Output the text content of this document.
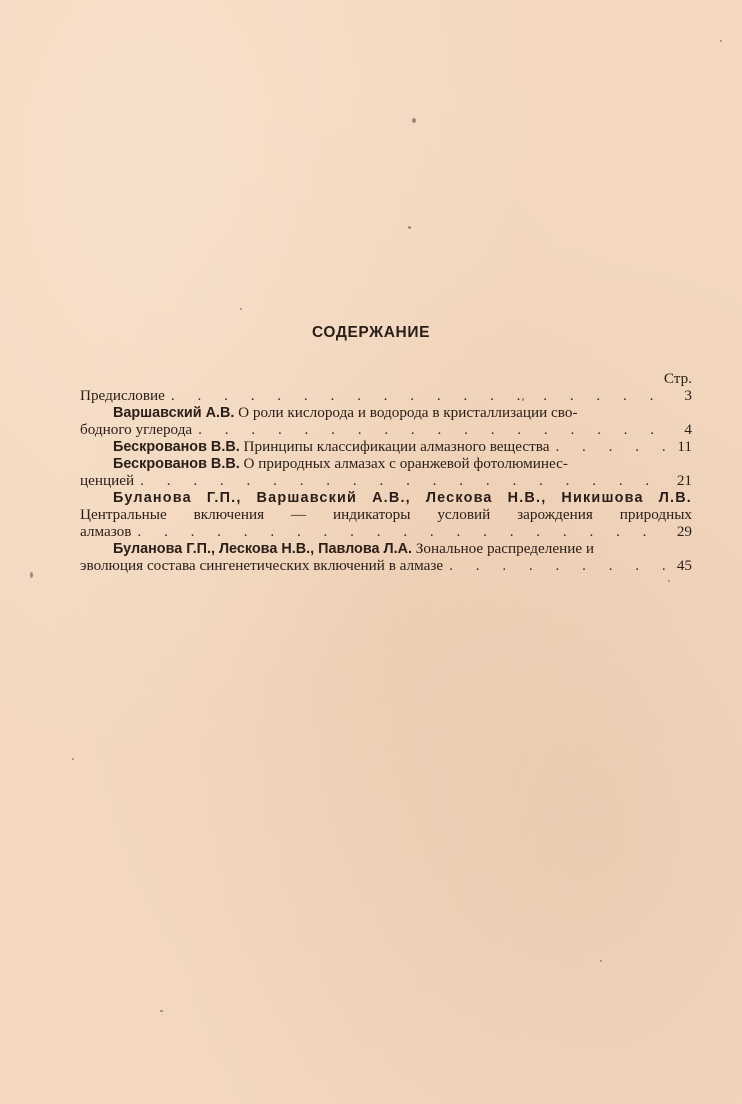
СОДЕРЖАНИЕ
Стр.
Предисловие . . .	3
Варшавский А.В. О роли кислорода и водорода в кристаллизации сво-
бодного углерода . . .	4
Бескрованов В.В. Принципы классификации алмазного вещества . . .	11
Бескрованов В.В. О природных алмазах с оранжевой фотолюминес-
ценцией . . .	21
Буланова Г.П., Варшавский А.В., Лескова Н.В., Никишова Л.В.
Центральные включения — индикаторы условий зарождения природных
алмазов . . .	29
Буланова Г.П., Лескова Н.В., Павлова Л.А. Зональное распределение и
эволюция состава сингенетических включений в алмазе . . .	45
